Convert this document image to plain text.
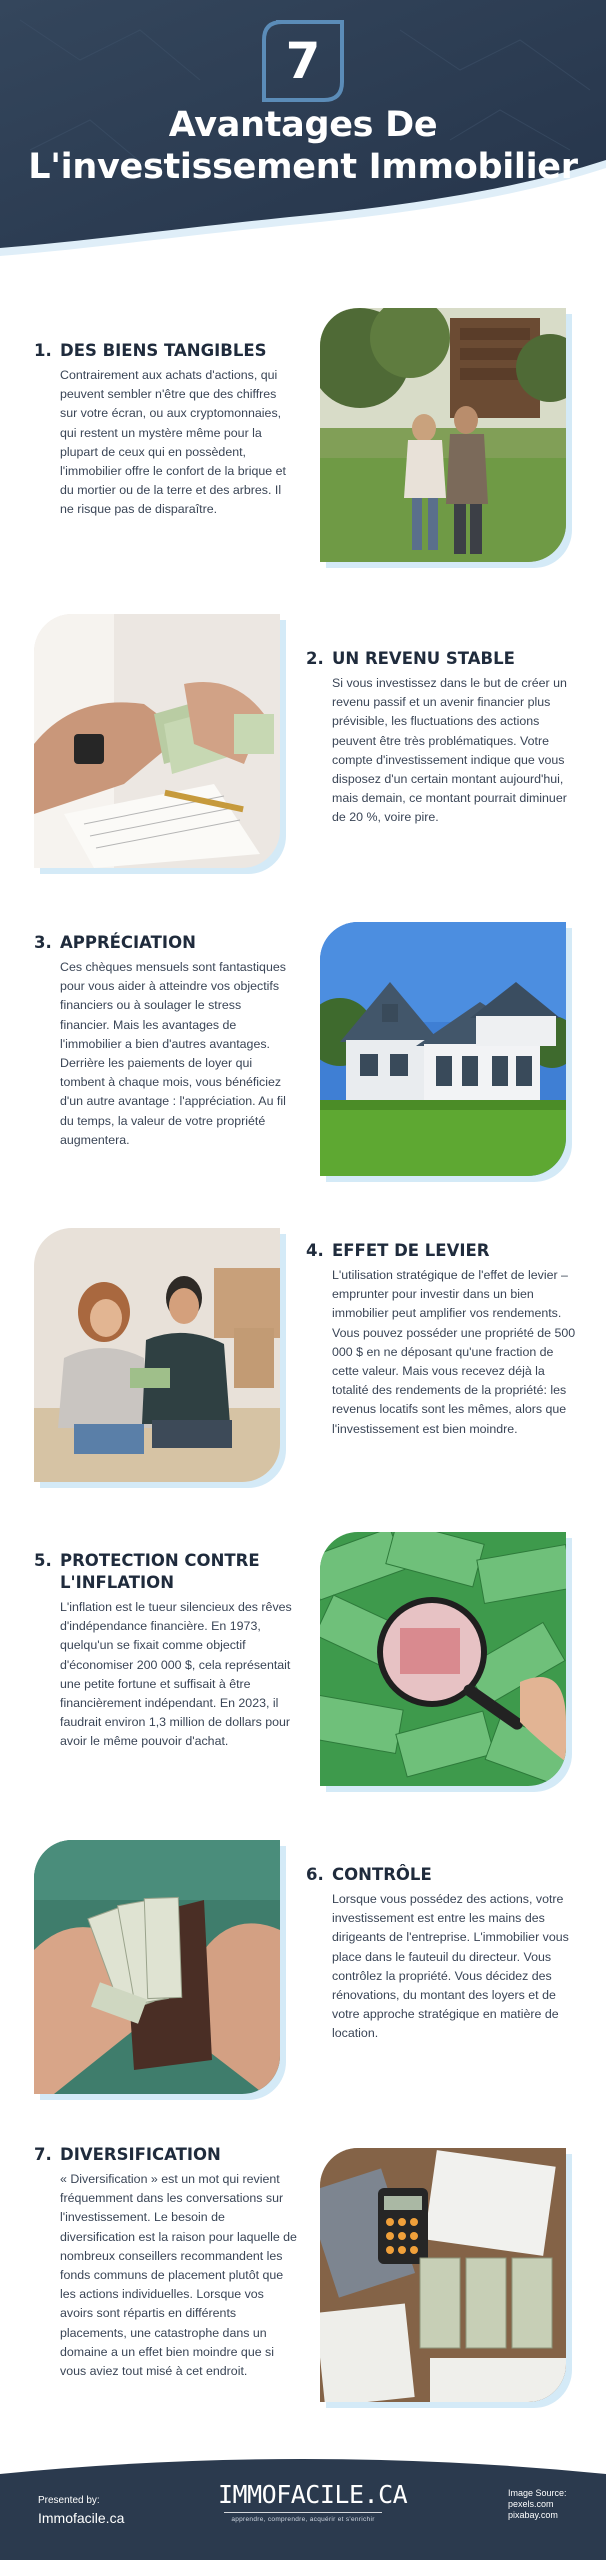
7
Avantages De
L'investissement Immobilier
1. DES BIENS TANGIBLES
Contrairement aux achats d'actions, qui peuvent sembler n'être que des chiffres sur votre écran, ou aux cryptomonnaies, qui restent un mystère même pour la plupart de ceux qui en possèdent, l'immobilier offre le confort de la brique et du mortier ou de la terre et des arbres. Il ne risque pas de disparaître.
2. UN REVENU STABLE
Si vous investissez dans le but de créer un revenu passif et un avenir financier plus prévisible, les fluctuations des actions peuvent être très problématiques. Votre compte d'investissement indique que vous disposez d'un certain montant aujourd'hui, mais demain, ce montant pourrait diminuer de 20 %, voire pire.
3. APPRÉCIATION
Ces chèques mensuels sont fantastiques pour vous aider à atteindre vos objectifs financiers ou à soulager le stress financier. Mais les avantages de l'immobilier a bien d'autres avantages. Derrière les paiements de loyer qui tombent à chaque mois, vous bénéficiez d'un autre avantage : l'appréciation. Au fil du temps, la valeur de votre propriété augmentera.
4. EFFET DE LEVIER
L'utilisation stratégique de l'effet de levier – emprunter pour investir dans un bien immobilier peut amplifier vos rendements. Vous pouvez posséder une propriété de 500 000 $ en ne déposant qu'une fraction de cette valeur. Mais vous recevez déjà la totalité des rendements de la propriété: les revenus locatifs sont les mêmes, alors que l'investissement est bien moindre.
5. PROTECTION CONTRE L'INFLATION
L'inflation est le tueur silencieux des rêves d'indépendance financière. En 1973, quelqu'un se fixait comme objectif d'économiser 200 000 $, cela représentait une petite fortune et suffisait à être financièrement indépendant. En 2023, il faudrait environ 1,3 million de dollars pour avoir le même pouvoir d'achat.
6. CONTRÔLE
Lorsque vous possédez des actions, votre investissement est entre les mains des dirigeants de l'entreprise. L'immobilier vous place dans le fauteuil du directeur. Vous contrôlez la propriété. Vous décidez des rénovations, du montant des loyers et de votre approche stratégique en matière de location.
7. DIVERSIFICATION
« Diversification » est un mot qui revient fréquemment dans les conversations sur l'investissement. Le besoin de diversification est la raison pour laquelle de nombreux conseillers recommandent les fonds communs de placement plutôt que les actions individuelles. Lorsque vos avoirs sont répartis en différents placements, une catastrophe dans un domaine a un effet bien moindre que si vous aviez tout misé à cet endroit.
Presented by:
Immofacile.ca
IMMOFACILE.CA
apprendre, comprendre, acquérir et s'enrichir
Image Source:
pexels.com
pixabay.com
